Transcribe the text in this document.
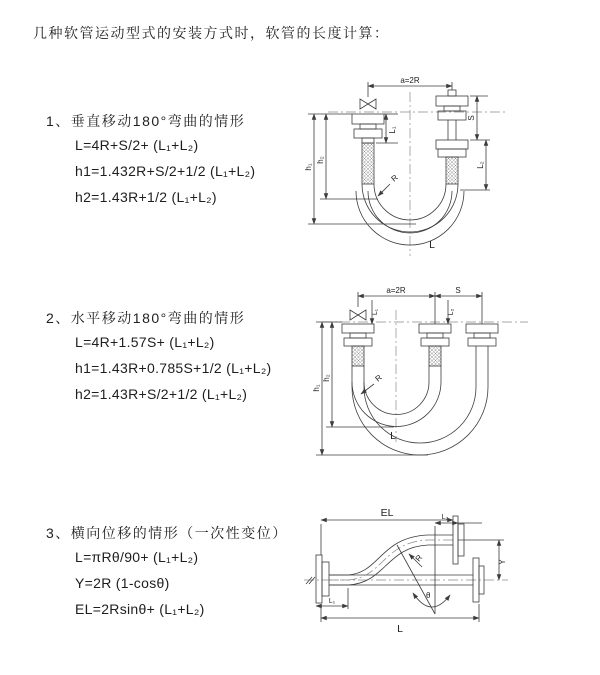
几种软管运动型式的安装方式时，软管的长度计算：
1、垂直移动180°弯曲的情形
L=4R+S/2+ (L₁+L₂)
h1=1.432R+S/2+1/2 (L₁+L₂)
h2=1.43R+1/2 (L₁+L₂)
2、水平移动180°弯曲的情形
L=4R+1.57S+ (L₁+L₂)
h1=1.43R+0.785S+1/2 (L₁+L₂)
h2=1.43R+S/2+1/2 (L₁+L₂)
3、横向位移的情形（一次性变位）
L=πRθ/90+ (L₁+L₂)
Y=2R (1-cosθ)
EL=2Rsinθ+ (L₁+L₂)
a=2R
L₁
S
L₂
h₁
h₂
R
L
a=2R	S
L₁	L₂
h₁
h₂	R
L
EL	L₂
Y
R
θ
L₁
L
